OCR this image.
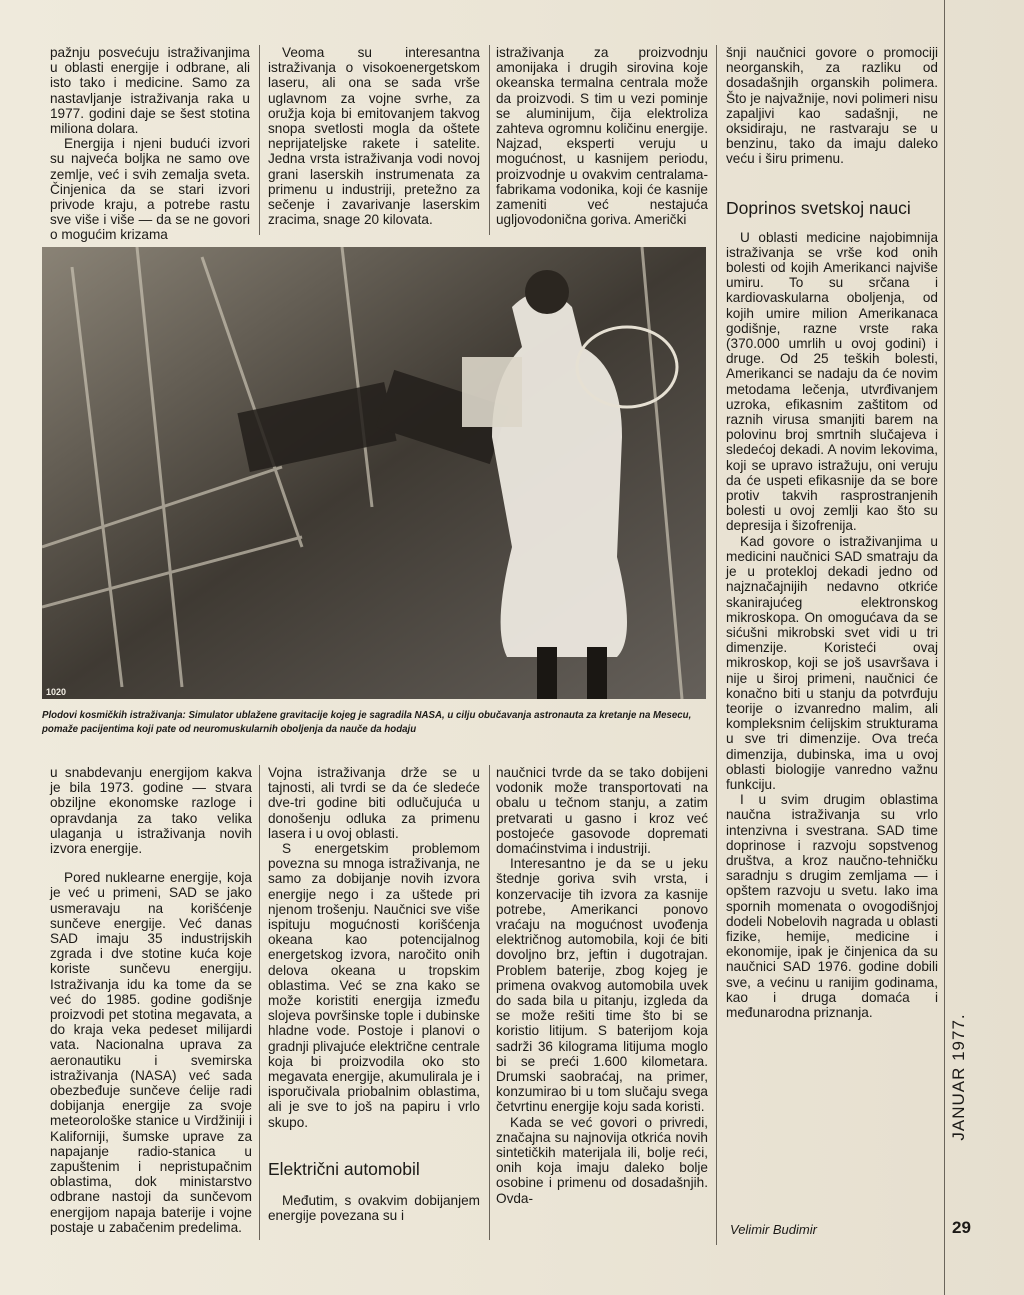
pažnju posvećuju istraživanjima u oblasti energije i odbrane, ali isto tako i medicine. Samo za nastavljanje istraživanja raka u 1977. godini daje se šest stotina miliona dolara.

Energija i njeni budući izvori su najveća boljka ne samo ove zemlje, već i svih zemalja sveta. Činjenica da se stari izvori privode kraju, a potrebe rastu sve više i više — da se ne govori o mogućim krizama

Veoma su interesantna istraživanja o visokoenergetskom laseru, ali ona se sada vrše uglavnom za vojne svrhe, za oružja koja bi emitovanjem takvog snopa svetlosti mogla da oštete neprijateljske rakete i satelite. Jedna vrsta istraživanja vodi novoj grani laserskih instrumenata za primenu u industriji, pretežno za sečenje i zavarivanje laserskim zracima, snage 20 kilovata.

istraživanja za proizvodnju amonijaka i drugih sirovina koje okeanska termalna centrala može da proizvodi. S tim u vezi pominje se aluminijum, čija elektroliza zahteva ogromnu količinu energije. Najzad, eksperti veruju u mogućnost, u kasnijem periodu, proizvodnje u ovakvim centralama-fabrikama vodonika, koji će kasnije zameniti već nestajuća ugljovodonična goriva. Američki

šnji naučnici govore o promociji neorganskih, za razliku od dosadašnjih organskih polimera. Što je najvažnije, novi polimeri nisu zapaljivi kao sadašnji, ne oksidiraju, ne rastvaraju se u benzinu, tako da imaju daleko veću i širu primenu.

Doprinos svetskoj nauci

U oblasti medicine najobimnija istraživanja se vrše kod onih bolesti od kojih Amerikanci najviše umiru. To su srčana i kardiovaskularna oboljenja, od kojih umire milion Amerikanaca godišnje, razne vrste raka (370.000 umrlih u ovoj godini) i druge. Od 25 teških bolesti, Amerikanci se nadaju da će novim metodama lečenja, utvrđivanjem uzroka, efikasnim zaštitom od raznih virusa smanjiti barem na polovinu broj smrtnih slučajeva i sledećoj dekadi. A novim lekovima, koji se upravo istražuju, oni veruju da će uspeti efikasnije da se bore protiv takvih rasprostranjenih bolesti u ovoj zemlji kao što su depresija i šizofrenija.

Kad govore o istraživanjima u medicini naučnici SAD smatraju da je u proteklоj dekadi jedno od najznačajnijih nedavno otkriće skanirajućeg elektronskog mikroskopa. On omogućava da se sićušni mikrobski svet vidi u tri dimenzije. Koristeći ovaj mikroskop, koji se još usavršava i nije u širој primeni, naučnici će konačno biti u stanju da potvrđuju teorije o izvanredno malim, ali kompleksnim ćelijskim strukturama u sve tri dimenzije. Ova treća dimenzija, dubinska, ima u ovoj oblasti biologije vanredno važnu funkciju.

I u svim drugim oblastima naučna istraživanja su vrlo intenzivna i svestrana. SAD time doprinose i razvoju sopstvenog društva, a kroz naučno-tehničku saradnju s drugim zemljama — i opštem razvoju u svetu. Iako ima spornih momenata o ovogodišnjoj dodeli Nobelovih nagrada u oblasti fizike, hemije, medicine i ekonomije, ipak je činjenica da su naučnici SAD 1976. godine dobili sve, a većinu u ranijim godinama, kao i druga domaća i međunarodna priznanja.

Velimir Budimir
1020
Plodovi kosmičkih istraživanja: Simulator ublažene gravitacije kojeg je sagradila NASA, u cilju obučavanja astronauta za kretanje na Mesecu, pomaže pacijentima koji pate od neuromuskularnih oboljenja da nauče da hodaju

u snabdevanju energijom kakva je bila 1973. godine — stvara obzilјne ekonomske razloge i opravdanja za tako velika ulaganja u istraživanja novih izvora energije.

Pored nuklearne energije, koja je već u primeni, SAD se jako usmeravaju na korišćenje sunčeve energije. Već danas SAD imaju 35 industrijskih zgrada i dve stotine kuća koje koriste sunčevu energiju. Istraživanja idu ka tome da se već do 1985. godine godišnje proizvodi pet stotina megavata, a do kraja veka pedeset milijardi vata. Nacionalna uprava za aeronautiku i svemirska istraživanja (NASA) već sada obezbeđuje sunčeve ćelije radi dobijanja energije za svoje meteorološke stanice u Virdžiniji i Kaliforniji, šumske uprave za napajanje radio-stanica u zapuštenim i nepristupačnim oblastima, dok ministarstvo odbrane nastoji da sunčevom energijom napaja baterije i vojne postaje u zabačenim predelima.

Vojna istraživanja drže se u tajnosti, ali tvrdi se da će sledeće dve-tri godine biti odlučujuća u donošenju odluka za primenu lasera i u ovoj oblasti.

S energetskim problemom povezna su mnoga istraživanja, ne samo za dobijanje novih izvora energije nego i za uštede pri njenom trošenju. Naučnici sve više ispituju mogućnosti korišćenja okeana kao potencijalnog energetskog izvora, naročito onih delova okeana u tropskim oblastima. Već se zna kako se može koristiti energija između slojeva površinske tople i dubinske hladne vode. Postoje i planovi o gradnji plivajuće električne centrale koja bi proizvodila oko sto megavata energije, akumulirala je i isporučivala priobalnim oblastima, ali je sve to još na papiru i vrlo skupo.

Električni automobil

Međutim, s ovakvim dobijanjem energije povezana su i

naučnici tvrde da se tako dobijeni vodonik može transportovati na obalu u tečnom stanju, a zatim pretvarati u gasno i kroz već postojeće gasovode dopremati domaćinstvima i industriji.

Interesantno je da se u jeku štednje goriva svih vrsta, i konzervacije tih izvora za kasnije potrebe, Amerikanci ponovo vraćaju na mogućnost uvođenja električnog automobila, koji će biti dovoljno brz, jeftin i dugotrajan. Problem baterije, zbog kojeg je primena ovakvog automobila uvek do sada bila u pitanju, izgleda da se može rešiti time što bi se koristio litijum. S baterijom koja sadrži 36 kilograma litijuma moglo bi se preći 1.600 kilometara. Drumski saobraćaj, na primer, konzumirao bi u tom slučaju svega četvrtinu energije koju sada koristi.

Kada se već govori o privredi, značajna su najnovija otkrića novih sintetičkih materijala ili, bolje reći, onih koja imaju daleko bolje osobine i primenu od dosadašnjih. Ovda-

JANUAR 1977.
29
